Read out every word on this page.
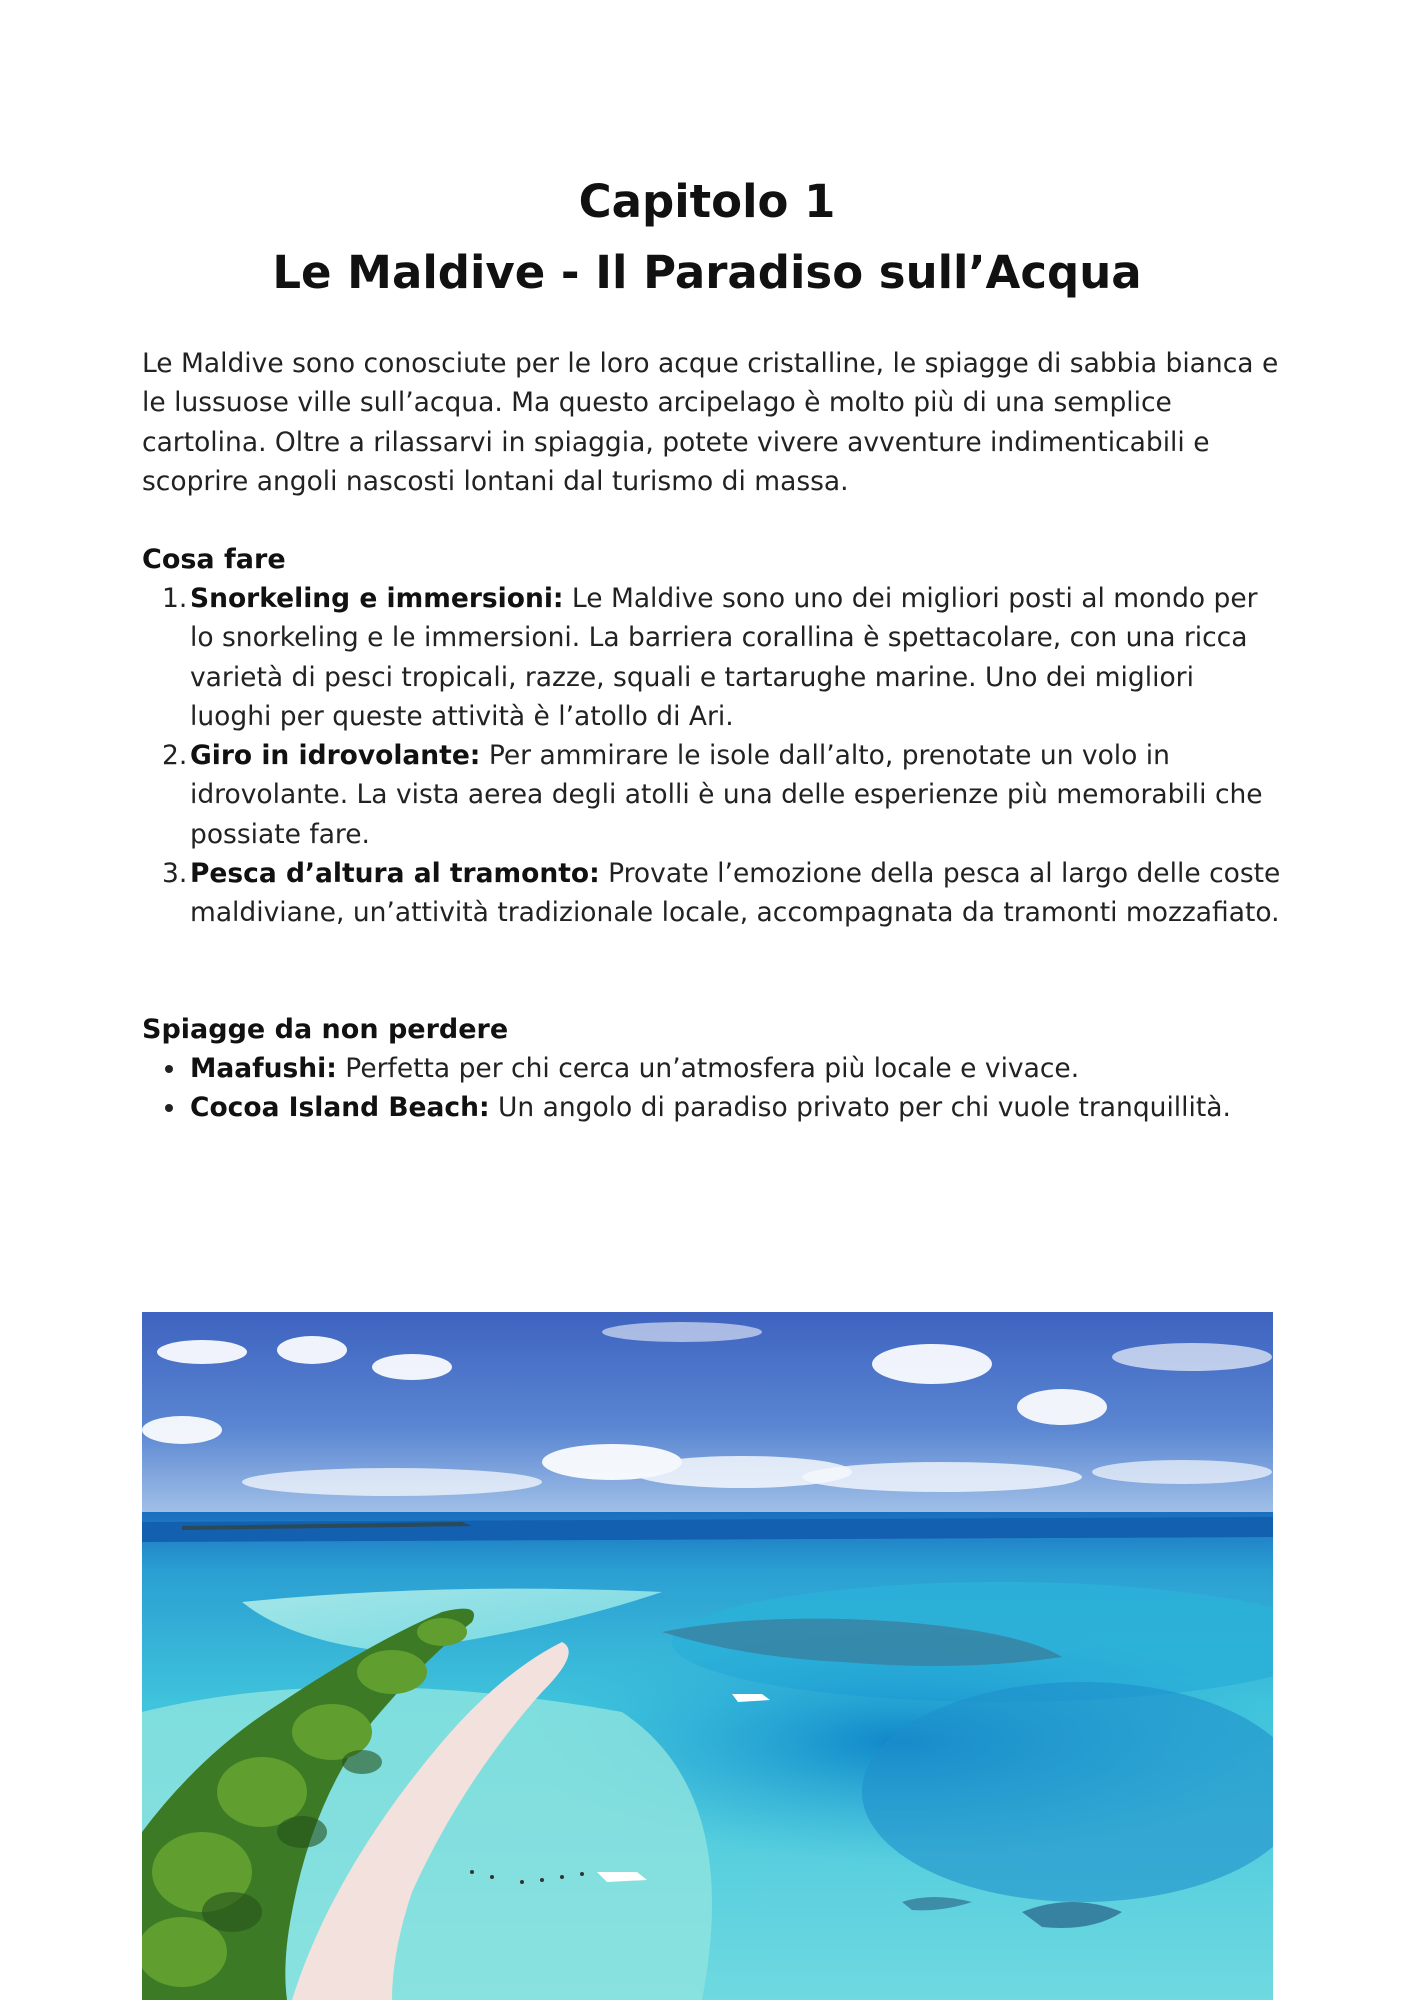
Capitolo 1
Le Maldive - Il Paradiso sull’Acqua

Le Maldive sono conosciute per le loro acque cristalline, le spiagge di sabbia bianca e le lussuose ville sull’acqua. Ma questo arcipelago è molto più di una semplice cartolina. Oltre a rilassarvi in spiaggia, potete vivere avventure indimenticabili e scoprire angoli nascosti lontani dal turismo di massa.

Cosa fare
1. Snorkeling e immersioni: Le Maldive sono uno dei migliori posti al mondo per lo snorkeling e le immersioni. La barriera corallina è spettacolare, con una ricca varietà di pesci tropicali, razze, squali e tartarughe marine. Uno dei migliori luoghi per queste attività è l’atollo di Ari.
2. Giro in idrovolante: Per ammirare le isole dall’alto, prenotate un volo in idrovolante. La vista aerea degli atolli è una delle esperienze più memorabili che possiate fare.
3. Pesca d’altura al tramonto: Provate l’emozione della pesca al largo delle coste maldiviane, un’attività tradizionale locale, accompagnata da tramonti mozzafiato.
Spiagge da non perdere
Maafushi: Perfetta per chi cerca un’atmosfera più locale e vivace.
Cocoa Island Beach: Un angolo di paradiso privato per chi vuole tranquillità.
